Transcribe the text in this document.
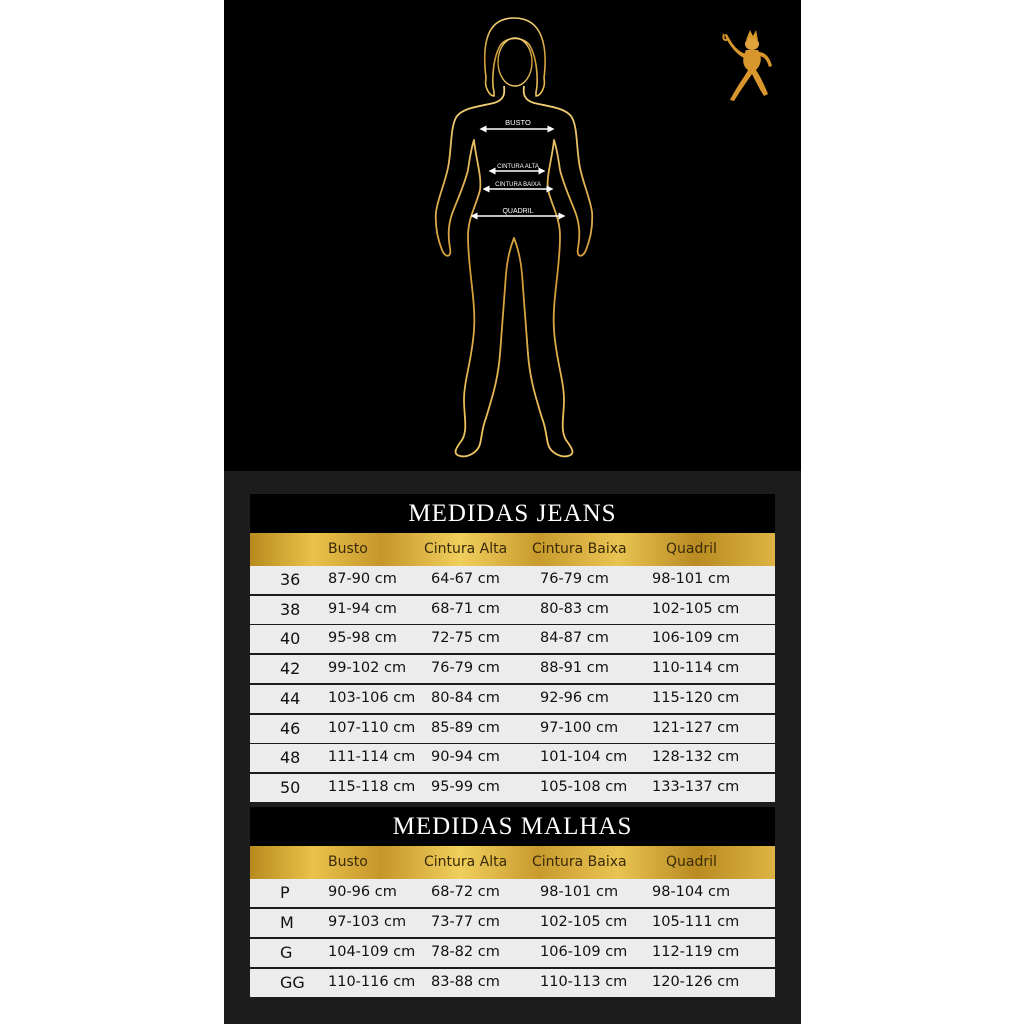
BUSTO
CINTURA ALTA
CINTURA BAIXA
QUADRIL
MEDIDAS JEANS
Busto	Cintura Alta Cintura Baixa	Quadril
36	87-90 cm 64-67 cm	76-79 cm	98-101 cm
38	91-94 cm 68-71 cm	80-83 cm	102-105 cm
40	95-98 cm 72-75 cm	84-87 cm	106-109 cm
42	99-102 cm 76-79 cm	88-91 cm	110-114 cm
44	103-106 cm 80-84 cm	92-96 cm	115-120 cm
46	107-110 cm 85-89 cm	97-100 cm 121-127 cm
48	111-114 cm 90-94 cm	101-104 cm 128-132 cm
50	115-118 cm 95-99 cm	105-108 cm 133-137 cm
MEDIDAS MALHAS
Busto	Cintura Alta Cintura Baixa	Quadril
P	90-96 cm 68-72 cm	98-101 cm 98-104 cm
M	97-103 cm 73-77 cm	102-105 cm 105-111 cm
G	104-109 cm 78-82 cm	106-109 cm 112-119 cm
GG	110-116 cm 83-88 cm	110-113 cm 120-126 cm
